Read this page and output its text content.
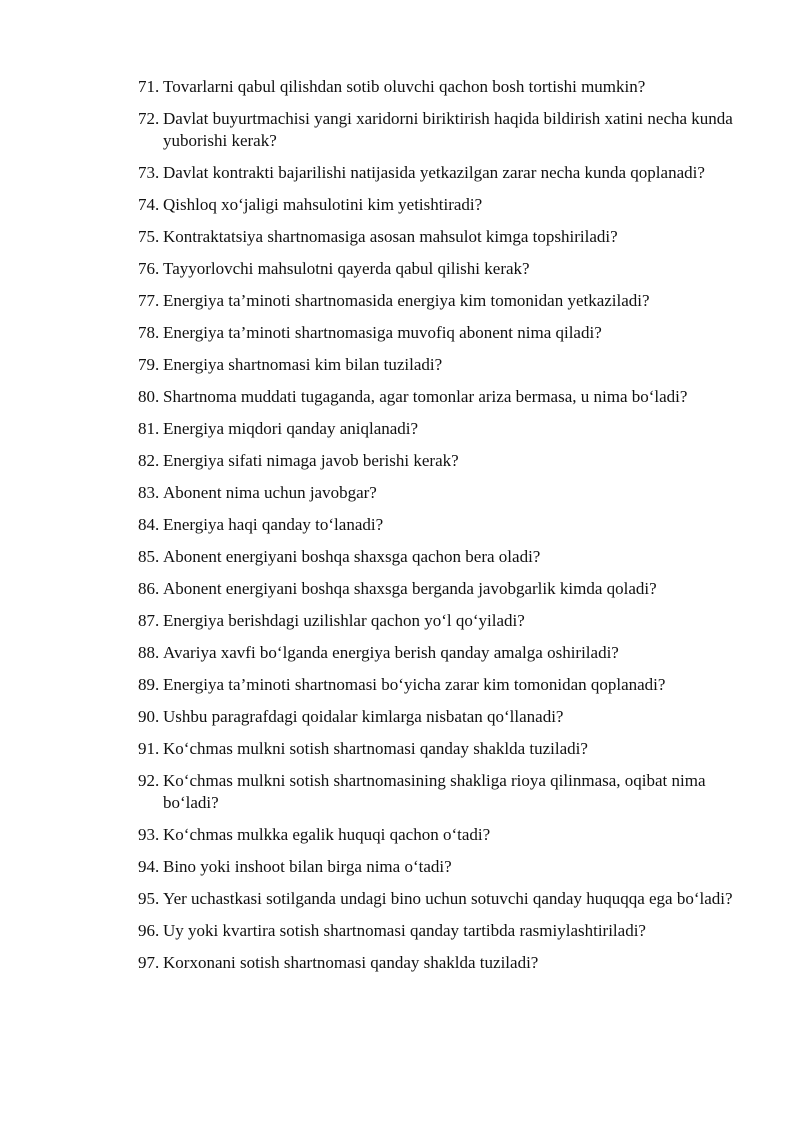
71. Tovarlarni qabul qilishdan sotib oluvchi qachon bosh tortishi mumkin?
72. Davlat buyurtmachisi yangi xaridorni biriktirish haqida bildirish xatini necha kunda yuborishi kerak?
73. Davlat kontrakti bajarilishi natijasida yetkazilgan zarar necha kunda qoplanadi?
74. Qishloq xo‘jaligi mahsulotini kim yetishtiradi?
75. Kontraktatsiya shartnomasiga asosan mahsulot kimga topshiriladi?
76. Tayyorlovchi mahsulotni qayerda qabul qilishi kerak?
77. Energiya ta’minoti shartnomasida energiya kim tomonidan yetkaziladi?
78. Energiya ta’minoti shartnomasiga muvofiq abonent nima qiladi?
79. Energiya shartnomasi kim bilan tuziladi?
80. Shartnoma muddati tugaganda, agar tomonlar ariza bermasa, u nima bo‘ladi?
81. Energiya miqdori qanday aniqlanadi?
82. Energiya sifati nimaga javob berishi kerak?
83. Abonent nima uchun javobgar?
84. Energiya haqi qanday to‘lanadi?
85. Abonent energiyani boshqa shaxsga qachon bera oladi?
86. Abonent energiyani boshqa shaxsga berganda javobgarlik kimda qoladi?
87. Energiya berishdagi uzilishlar qachon yo‘l qo‘yiladi?
88. Avariya xavfi bo‘lganda energiya berish qanday amalga oshiriladi?
89. Energiya ta’minoti shartnomasi bo‘yicha zarar kim tomonidan qoplanadi?
90. Ushbu paragrafdagi qoidalar kimlarga nisbatan qo‘llanadi?
91. Ko‘chmas mulkni sotish shartnomasi qanday shaklda tuziladi?
92. Ko‘chmas mulkni sotish shartnomasining shakliga rioya qilinmasa, oqibat nima bo‘ladi?
93. Ko‘chmas mulkka egalik huquqi qachon o‘tadi?
94. Bino yoki inshoot bilan birga nima o‘tadi?
95. Yer uchastkasi sotilganda undagi bino uchun sotuvchi qanday huquqqa ega bo‘ladi?
96. Uy yoki kvartira sotish shartnomasi qanday tartibda rasmiylashtiriladi?
97. Korxonani sotish shartnomasi qanday shaklda tuziladi?
